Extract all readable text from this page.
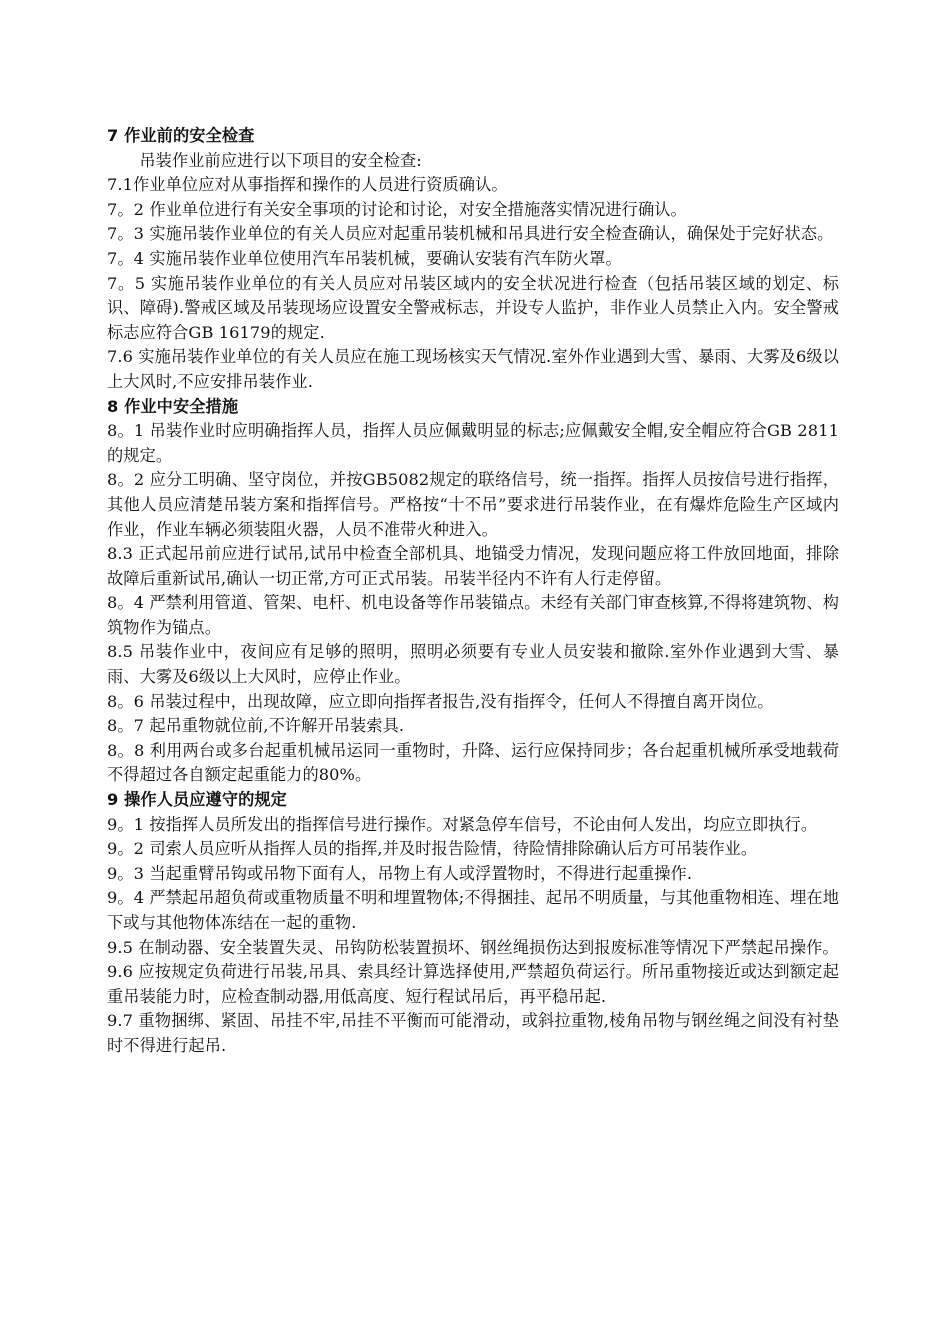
7 作业前的安全检查

吊装作业前应进行以下项目的安全检查:

7.1作业单位应对从事指挥和操作的人员进行资质确认。

7。2 作业单位进行有关安全事项的讨论和讨论，对安全措施落实情况进行确认。

7。3 实施吊装作业单位的有关人员应对起重吊装机械和吊具进行安全检查确认，确保处于完好状态。

7。4 实施吊装作业单位使用汽车吊装机械，要确认安装有汽车防火罩。

7。5 实施吊装作业单位的有关人员应对吊装区域内的安全状况进行检查（包括吊装区域的划定、标识、障碍).警戒区域及吊装现场应设置安全警戒标志，并设专人监护，非作业人员禁止入内。安全警戒标志应符合GB 16179的规定.

7.6 实施吊装作业单位的有关人员应在施工现场核实天气情况.室外作业遇到大雪、暴雨、大雾及6级以上大风时,不应安排吊装作业.

8 作业中安全措施

8。1 吊装作业时应明确指挥人员，指挥人员应佩戴明显的标志;应佩戴安全帽,安全帽应符合GB 2811的规定。

8。2 应分工明确、坚守岗位，并按GB5082规定的联络信号，统一指挥。指挥人员按信号进行指挥，其他人员应清楚吊装方案和指挥信号。严格按“十不吊”要求进行吊装作业，在有爆炸危险生产区域内作业，作业车辆必须装阻火器，人员不准带火种进入。

8.3 正式起吊前应进行试吊,试吊中检查全部机具、地锚受力情况，发现问题应将工件放回地面，排除故障后重新试吊,确认一切正常,方可正式吊装。吊装半径内不许有人行走停留。

8。4 严禁利用管道、管架、电杆、机电设备等作吊装锚点。未经有关部门审查核算,不得将建筑物、构筑物作为锚点。

8.5 吊装作业中，夜间应有足够的照明，照明必须要有专业人员安装和撤除.室外作业遇到大雪、暴雨、大雾及6级以上大风时，应停止作业。

8。6 吊装过程中，出现故障，应立即向指挥者报告,没有指挥令，任何人不得擅自离开岗位。

8。7 起吊重物就位前,不许解开吊装索具.

8。8 利用两台或多台起重机械吊运同一重物时，升降、运行应保持同步；各台起重机械所承受地载荷不得超过各自额定起重能力的80%。

9 操作人员应遵守的规定

9。1 按指挥人员所发出的指挥信号进行操作。对紧急停车信号，不论由何人发出，均应立即执行。

9。2 司索人员应听从指挥人员的指挥,并及时报告险情，待险情排除确认后方可吊装作业。

9。3 当起重臂吊钩或吊物下面有人，吊物上有人或浮置物时，不得进行起重操作.

9。4 严禁起吊超负荷或重物质量不明和埋置物体;不得捆挂、起吊不明质量，与其他重物相连、埋在地下或与其他物体冻结在一起的重物.

9.5 在制动器、安全装置失灵、吊钩防松装置损坏、钢丝绳损伤达到报废标准等情况下严禁起吊操作。

9.6 应按规定负荷进行吊装,吊具、索具经计算选择使用,严禁超负荷运行。所吊重物接近或达到额定起重吊装能力时，应检查制动器,用低高度、短行程试吊后，再平稳吊起.

9.7 重物捆绑、紧固、吊挂不牢,吊挂不平衡而可能滑动，或斜拉重物,棱角吊物与钢丝绳之间没有衬垫时不得进行起吊.
